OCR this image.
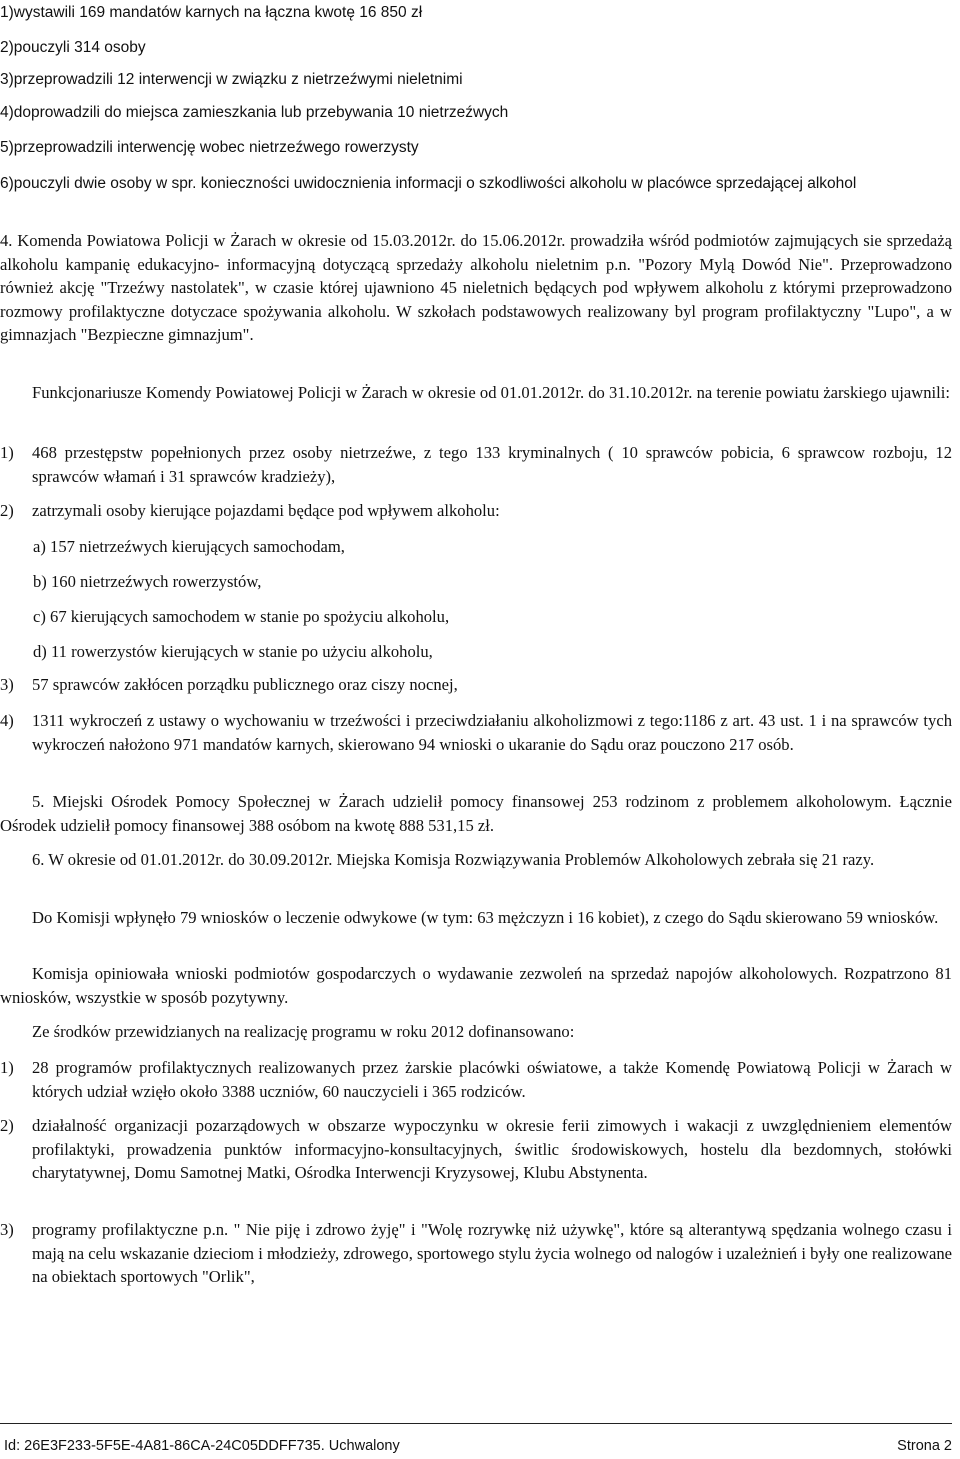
1)wystawili 169 mandatów karnych na łączna kwotę 16 850 zł
2)pouczyli 314 osoby
3)przeprowadzili 12 interwencji w związku z nietrzeźwymi nieletnimi
4)doprowadzili do miejsca zamieszkania lub przebywania 10 nietrzeźwych
5)przeprowadzili interwencję wobec nietrzeźwego rowerzysty
6)pouczyli dwie osoby w spr. konieczności uwidocznienia informacji o szkodliwości alkoholu w placówce sprzedającej alkohol
4. Komenda Powiatowa Policji w Żarach w okresie od 15.03.2012r. do 15.06.2012r. prowadziła wśród podmiotów zajmujących sie sprzedażą alkoholu kampanię edukacyjno- informacyjną dotyczącą sprzedaży alkoholu nieletnim p.n. "Pozory Mylą Dowód Nie". Przeprowadzono również akcję "Trzeźwy nastolatek", w czasie której ujawniono 45 nieletnich będących pod wpływem alkoholu z którymi przeprowadzono rozmowy profilaktyczne dotyczace spożywania alkoholu. W szkołach podstawowych realizowany byl program profilaktyczny "Lupo", a w gimnazjach "Bezpieczne gimnazjum".
Funkcjonariusze Komendy Powiatowej Policji w Żarach w okresie od 01.01.2012r. do 31.10.2012r. na terenie powiatu żarskiego ujawnili:
1) 468 przestępstw popełnionych przez osoby nietrzeźwe, z tego 133 kryminalnych ( 10 sprawców pobicia, 6 sprawcow rozboju, 12 sprawców włamań i 31 sprawców kradzieży),
2) zatrzymali osoby kierujące pojazdami będące pod wpływem alkoholu:
a) 157 nietrzeźwych kierujących samochodam,
b) 160 nietrzeźwych rowerzystów,
c) 67 kierujących samochodem w stanie po spożyciu alkoholu,
d) 11 rowerzystów kierujących w stanie po użyciu alkoholu,
3) 57 sprawców zakłócen porządku publicznego oraz ciszy nocnej,
4) 1311 wykroczeń z ustawy o wychowaniu w trzeźwości i przeciwdziałaniu alkoholizmowi z tego:1186 z art. 43 ust. 1 i na sprawców tych wykroczeń nałożono 971 mandatów karnych, skierowano 94 wnioski o ukaranie do Sądu oraz pouczono 217 osób.
5. Miejski Ośrodek Pomocy Społecznej w Żarach udzielił pomocy finansowej 253 rodzinom z problemem alkoholowym. Łącznie Ośrodek udzielił pomocy finansowej 388 osóbom na kwotę 888 531,15 zł.
6. W okresie od 01.01.2012r. do 30.09.2012r. Miejska Komisja Rozwiązywania Problemów Alkoholowych zebrała się 21 razy.
Do Komisji wpłynęło 79 wniosków o leczenie odwykowe (w tym: 63 mężczyzn i 16 kobiet), z czego do Sądu skierowano 59 wniosków.
Komisja opiniowała wnioski podmiotów gospodarczych o wydawanie zezwoleń na sprzedaż napojów alkoholowych. Rozpatrzono 81 wniosków, wszystkie w sposób pozytywny.
Ze środków przewidzianych na realizację programu w roku 2012 dofinansowano:
1) 28 programów profilaktycznych realizowanych przez żarskie placówki oświatowe, a także Komendę Powiatową Policji w Żarach w których udział wzięło około 3388 uczniów, 60 nauczycieli i 365 rodziców.
2) działalność organizacji pozarządowych w obszarze wypoczynku w okresie ferii zimowych i wakacji z uwzględnieniem elementów profilaktyki, prowadzenia punktów informacyjno-konsultacyjnych, świtlic środowiskowych, hostelu dla bezdomnych, stołówki charytatywnej, Domu Samotnej Matki, Ośrodka Interwencji Kryzysowej, Klubu Abstynenta.
3) programy profilaktyczne p.n. " Nie piję i zdrowo żyję" i "Wolę rozrywkę niż używkę", które są alterantywą spędzania wolnego czasu i mają na celu wskazanie dzieciom i młodzieży, zdrowego, sportowego stylu życia wolnego od nalogów i uzależnień i były one realizowane na obiektach sportowych "Orlik",
Id: 26E3F233-5F5E-4A81-86CA-24C05DDFF735. Uchwalony	Strona 2
